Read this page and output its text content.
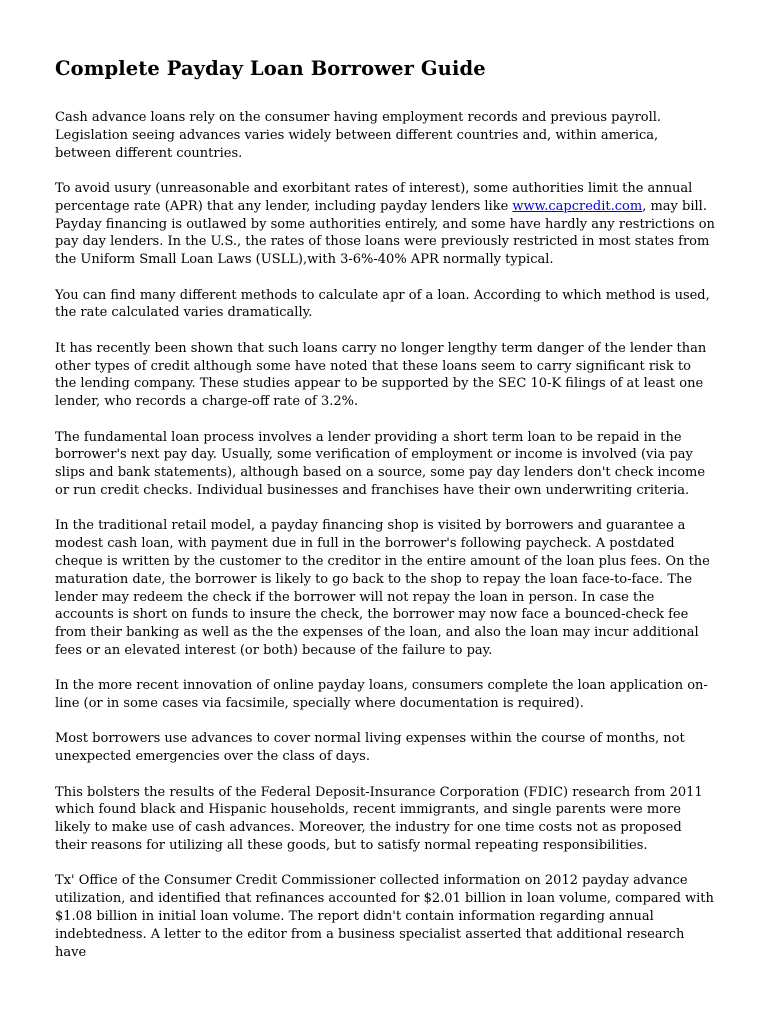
Complete Payday Loan Borrower Guide

Cash advance loans rely on the consumer having employment records and previous payroll. Legislation seeing advances varies widely between different countries and, within america, between different countries.

To avoid usury (unreasonable and exorbitant rates of interest), some authorities limit the annual percentage rate (APR) that any lender, including payday lenders like www.capcredit.com, may bill. Payday financing is outlawed by some authorities entirely, and some have hardly any restrictions on pay day lenders. In the U.S., the rates of those loans were previously restricted in most states from the Uniform Small Loan Laws (USLL),with 3-6%-40% APR normally typical.

You can find many different methods to calculate apr of a loan. According to which method is used, the rate calculated varies dramatically.

It has recently been shown that such loans carry no longer lengthy term danger of the lender than other types of credit although some have noted that these loans seem to carry significant risk to the lending company. These studies appear to be supported by the SEC 10-K filings of at least one lender, who records a charge-off rate of 3.2%.

The fundamental loan process involves a lender providing a short term loan to be repaid in the borrower's next pay day. Usually, some verification of employment or income is involved (via pay slips and bank statements), although based on a source, some pay day lenders don't check income or run credit checks. Individual businesses and franchises have their own underwriting criteria.

In the traditional retail model, a payday financing shop is visited by borrowers and guarantee a modest cash loan, with payment due in full in the borrower's following paycheck. A postdated cheque is written by the customer to the creditor in the entire amount of the loan plus fees. On the maturation date, the borrower is likely to go back to the shop to repay the loan face-to-face. The lender may redeem the check if the borrower will not repay the loan in person. In case the accounts is short on funds to insure the check, the borrower may now face a bounced-check fee from their banking as well as the the expenses of the loan, and also the loan may incur additional fees or an elevated interest (or both) because of the failure to pay.

In the more recent innovation of online payday loans, consumers complete the loan application on-line (or in some cases via facsimile, specially where documentation is required).

Most borrowers use advances to cover normal living expenses within the course of months, not unexpected emergencies over the class of days.

This bolsters the results of the Federal Deposit-Insurance Corporation (FDIC) research from 2011 which found black and Hispanic households, recent immigrants, and single parents were more likely to make use of cash advances. Moreover, the industry for one time costs not as proposed their reasons for utilizing all these goods, but to satisfy normal repeating responsibilities.

Tx' Office of the Consumer Credit Commissioner collected information on 2012 payday advance utilization, and identified that refinances accounted for $2.01 billion in loan volume, compared with $1.08 billion in initial loan volume. The report didn't contain information regarding annual indebtedness. A letter to the editor from a business specialist asserted that additional research have
